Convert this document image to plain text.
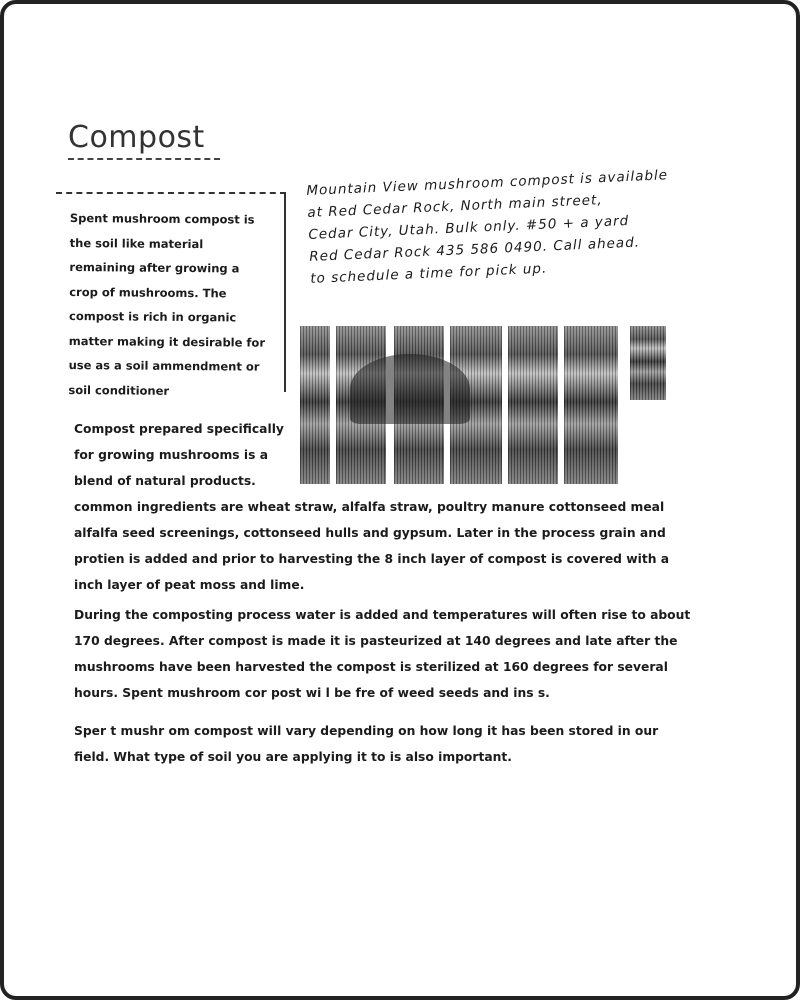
Compost
Spent mushroom compost is
the soil like material
remaining after growing a
crop of mushrooms. The
compost is rich in organic
matter making it desirable for
use as a soil ammendment or
soil conditioner
Mountain View mushroom compost is available
at Red Cedar Rock, North main street,
Cedar City, Utah. Bulk only. #50 + a yard
Red Cedar Rock 435 586 0490. Call ahead.
to schedule a time for pick up.
Compost prepared specifically
for growing mushrooms is a
blend of natural products.
common ingredients are wheat straw, alfalfa straw, poultry manure cottonseed meal
alfalfa seed screenings, cottonseed hulls and gypsum. Later in the process grain and
protien is added and prior to harvesting the 8 inch layer of compost is covered with a
inch layer of peat moss and lime.
During the composting process water is added and temperatures will often rise to about
170 degrees. After compost is made it is pasteurized at 140 degrees and late after the
mushrooms have been harvested the compost is sterilized at 160 degrees for several
hours. Spent mushroom cor post wi l be fre of weed seeds and ins s.
Sper t mushr om compost will vary depending on how long it has been stored in our
field. What type of soil you are applying it to is also important.
